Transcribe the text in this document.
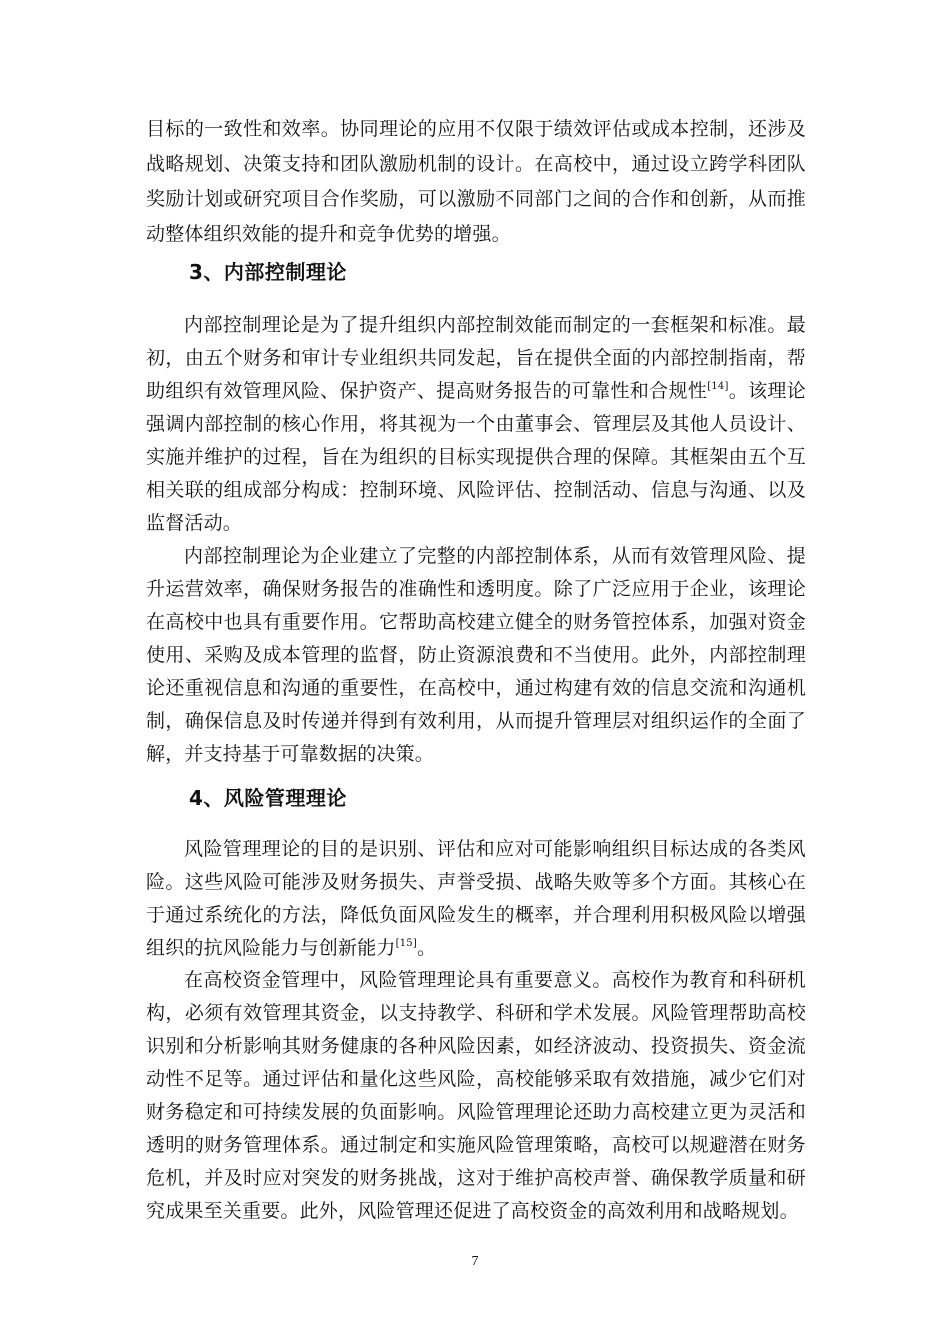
目标的一致性和效率。协同理论的应用不仅限于绩效评估或成本控制，还涉及
战略规划、决策支持和团队激励机制的设计。在高校中，通过设立跨学科团队
奖励计划或研究项目合作奖励，可以激励不同部门之间的合作和创新，从而推
动整体组织效能的提升和竞争优势的增强。
3、内部控制理论
内部控制理论是为了提升组织内部控制效能而制定的一套框架和标准。最
初，由五个财务和审计专业组织共同发起，旨在提供全面的内部控制指南，帮
助组织有效管理风险、保护资产、提高财务报告的可靠性和合规性[14]。该理论
强调内部控制的核心作用，将其视为一个由董事会、管理层及其他人员设计、
实施并维护的过程，旨在为组织的目标实现提供合理的保障。其框架由五个互
相关联的组成部分构成：控制环境、风险评估、控制活动、信息与沟通、以及
监督活动。
内部控制理论为企业建立了完整的内部控制体系，从而有效管理风险、提
升运营效率，确保财务报告的准确性和透明度。除了广泛应用于企业，该理论
在高校中也具有重要作用。它帮助高校建立健全的财务管控体系，加强对资金
使用、采购及成本管理的监督，防止资源浪费和不当使用。此外，内部控制理
论还重视信息和沟通的重要性，在高校中，通过构建有效的信息交流和沟通机
制，确保信息及时传递并得到有效利用，从而提升管理层对组织运作的全面了
解，并支持基于可靠数据的决策。
4、风险管理理论
风险管理理论的目的是识别、评估和应对可能影响组织目标达成的各类风
险。这些风险可能涉及财务损失、声誉受损、战略失败等多个方面。其核心在
于通过系统化的方法，降低负面风险发生的概率，并合理利用积极风险以增强
组织的抗风险能力与创新能力[15]。
在高校资金管理中，风险管理理论具有重要意义。高校作为教育和科研机
构，必须有效管理其资金，以支持教学、科研和学术发展。风险管理帮助高校
识别和分析影响其财务健康的各种风险因素，如经济波动、投资损失、资金流
动性不足等。通过评估和量化这些风险，高校能够采取有效措施，减少它们对
财务稳定和可持续发展的负面影响。风险管理理论还助力高校建立更为灵活和
透明的财务管理体系。通过制定和实施风险管理策略，高校可以规避潜在财务
危机，并及时应对突发的财务挑战，这对于维护高校声誉、确保教学质量和研
究成果至关重要。此外，风险管理还促进了高校资金的高效利用和战略规划。
7
